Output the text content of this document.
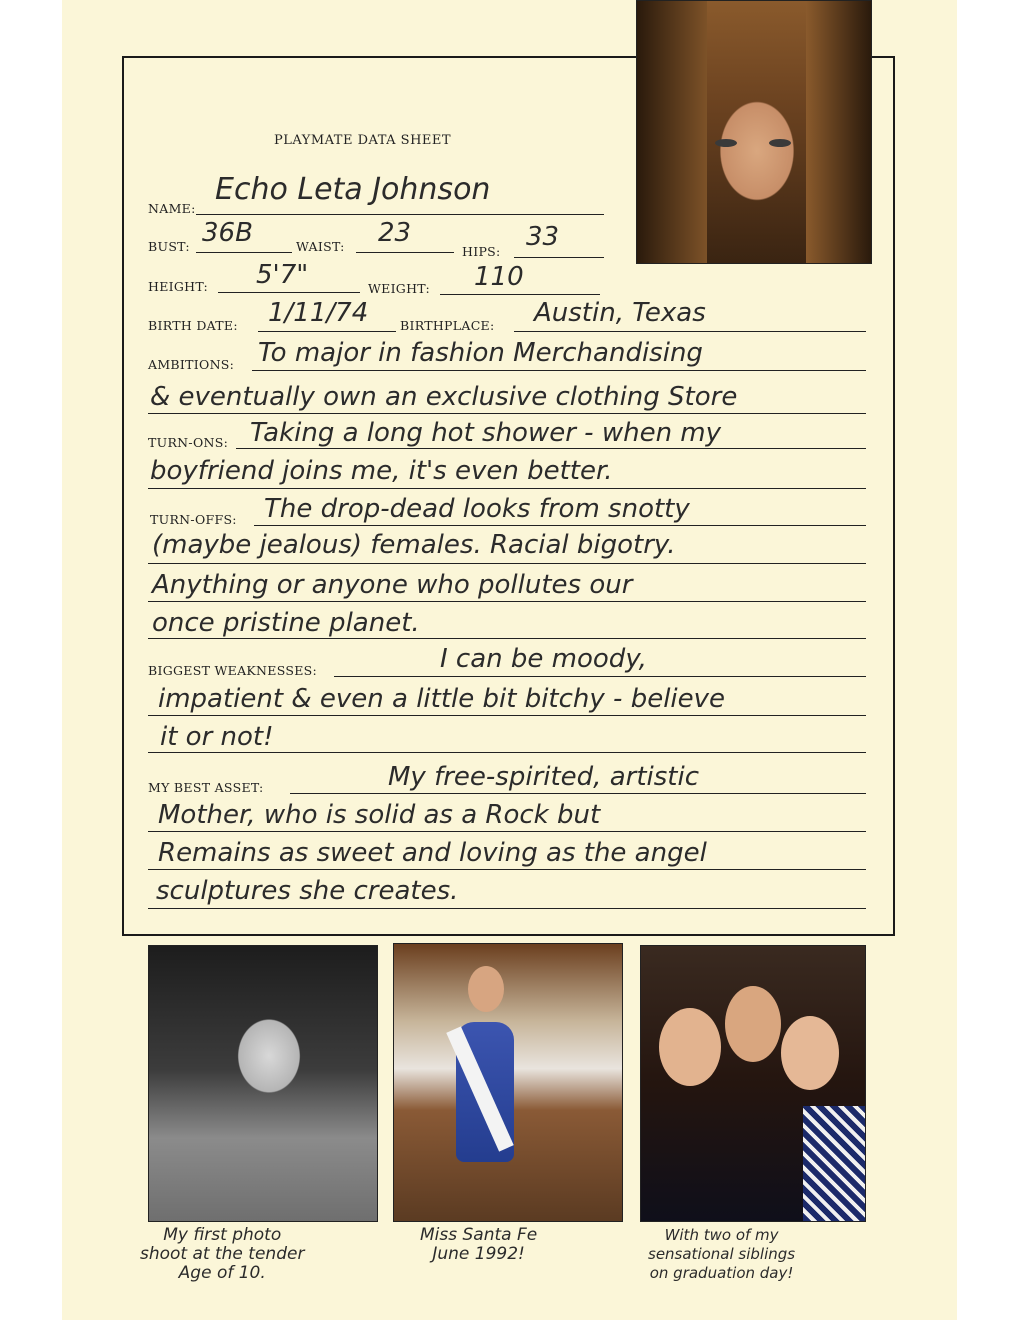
PLAYMATE DATA SHEET
NAME:
Echo Leta Johnson
BUST: 36B	WAIST: 23
HIPS: 33
HEIGHT: 5'7"	WEIGHT: 110
BIRTH DATE: 1/11/74	BIRTHPLACE: Austin, Texas
AMBITIONS: To major in fashion Merchandising
& eventually own an exclusive clothing Store
TURN-ONS: Taking a long hot shower - when my
boyfriend joins me, it's even better.
TURN-OFFS: The drop-dead looks from snotty
(maybe jealous) females. Racial bigotry.
Anything or anyone who pollutes our
once pristine planet.
BIGGEST WEAKNESSES:	I can be moody,
impatient & even a little bit bitchy - believe
it or not!
MY BEST ASSET:	My free-spirited, artistic
Mother, who is solid as a Rock but
Remains as sweet and loving as the angel
sculptures she creates.
My first photo
shoot at the tender
Age of 10.
Miss Santa Fe
June 1992!
With two of my
sensational siblings
on graduation day!
